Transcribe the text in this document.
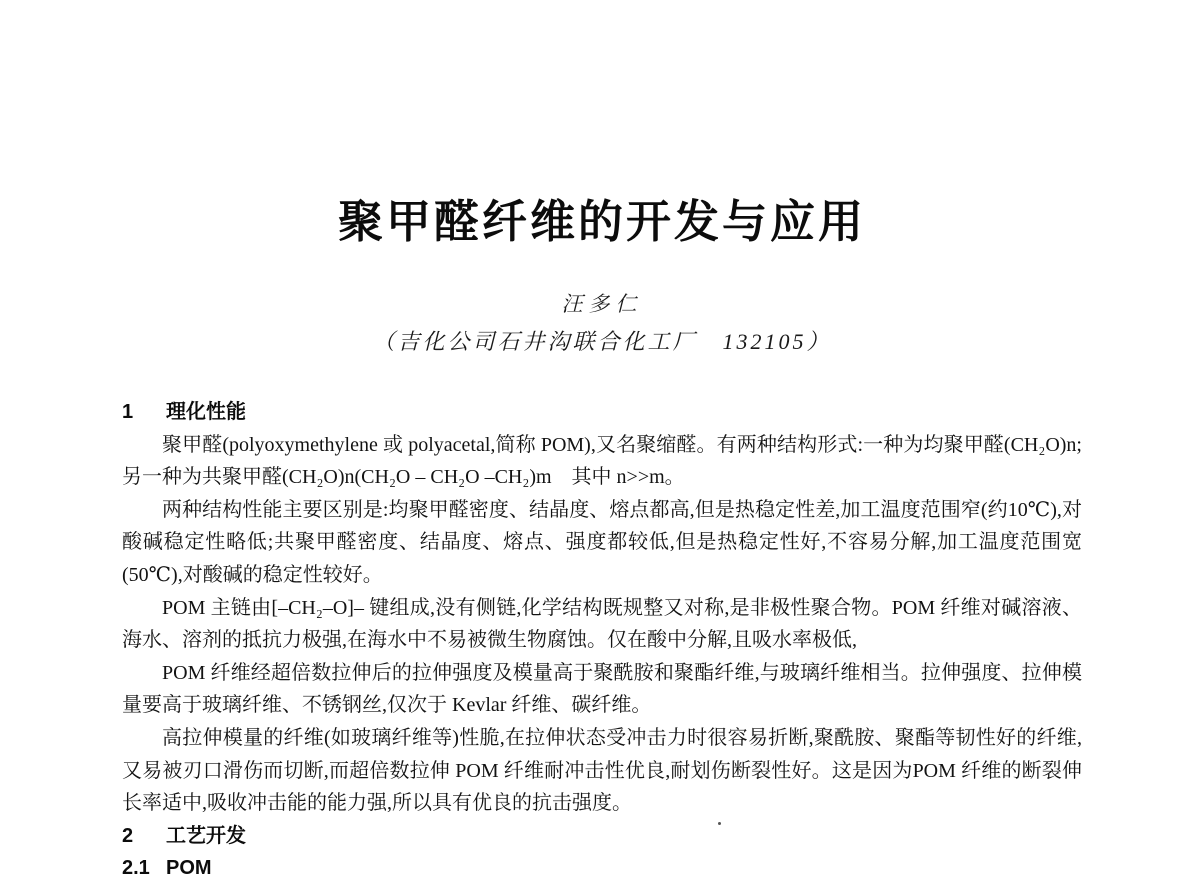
聚甲醛纤维的开发与应用
汪多仁
（吉化公司石井沟联合化工厂　132105）
1 理化性能

聚甲醛(polyoxymethylene 或 polyacetal,简称 POM),又名聚缩醛。有两种结构形式:一种为均聚甲醛(CH₂O)n;另一种为共聚甲醛(CH₂O)n(CH₂O – CH₂O –CH₂)m　其中 n>>m。

两种结构性能主要区别是:均聚甲醛密度、结晶度、熔点都高,但是热稳定性差,加工温度范围窄(约10℃),对酸碱稳定性略低;共聚甲醛密度、结晶度、熔点、强度都较低,但是热稳定性好,不容易分解,加工温度范围宽(50℃),对酸碱的稳定性较好。

POM 主链由[–CH₂–O]– 键组成,没有侧链,化学结构既规整又对称,是非极性聚合物。POM 纤维对碱溶液、海水、溶剂的抵抗力极强,在海水中不易被微生物腐蚀。仅在酸中分解,且吸水率极低,

POM 纤维经超倍数拉伸后的拉伸强度及模量高于聚酰胺和聚酯纤维,与玻璃纤维相当。拉伸强度、拉伸模量要高于玻璃纤维、不锈钢丝,仅次于 Kevlar 纤维、碳纤维。

高拉伸模量的纤维(如玻璃纤维等)性脆,在拉伸状态受冲击力时很容易折断,聚酰胺、聚酯等韧性好的纤维,又易被刃口滑伤而切断,而超倍数拉伸 POM 纤维耐冲击性优良,耐划伤断裂性好。这是因为POM 纤维的断裂伸长率适中,吸收冲击能的能力强,所以具有优良的抗击强度。

2 工艺开发
2.1 POM
